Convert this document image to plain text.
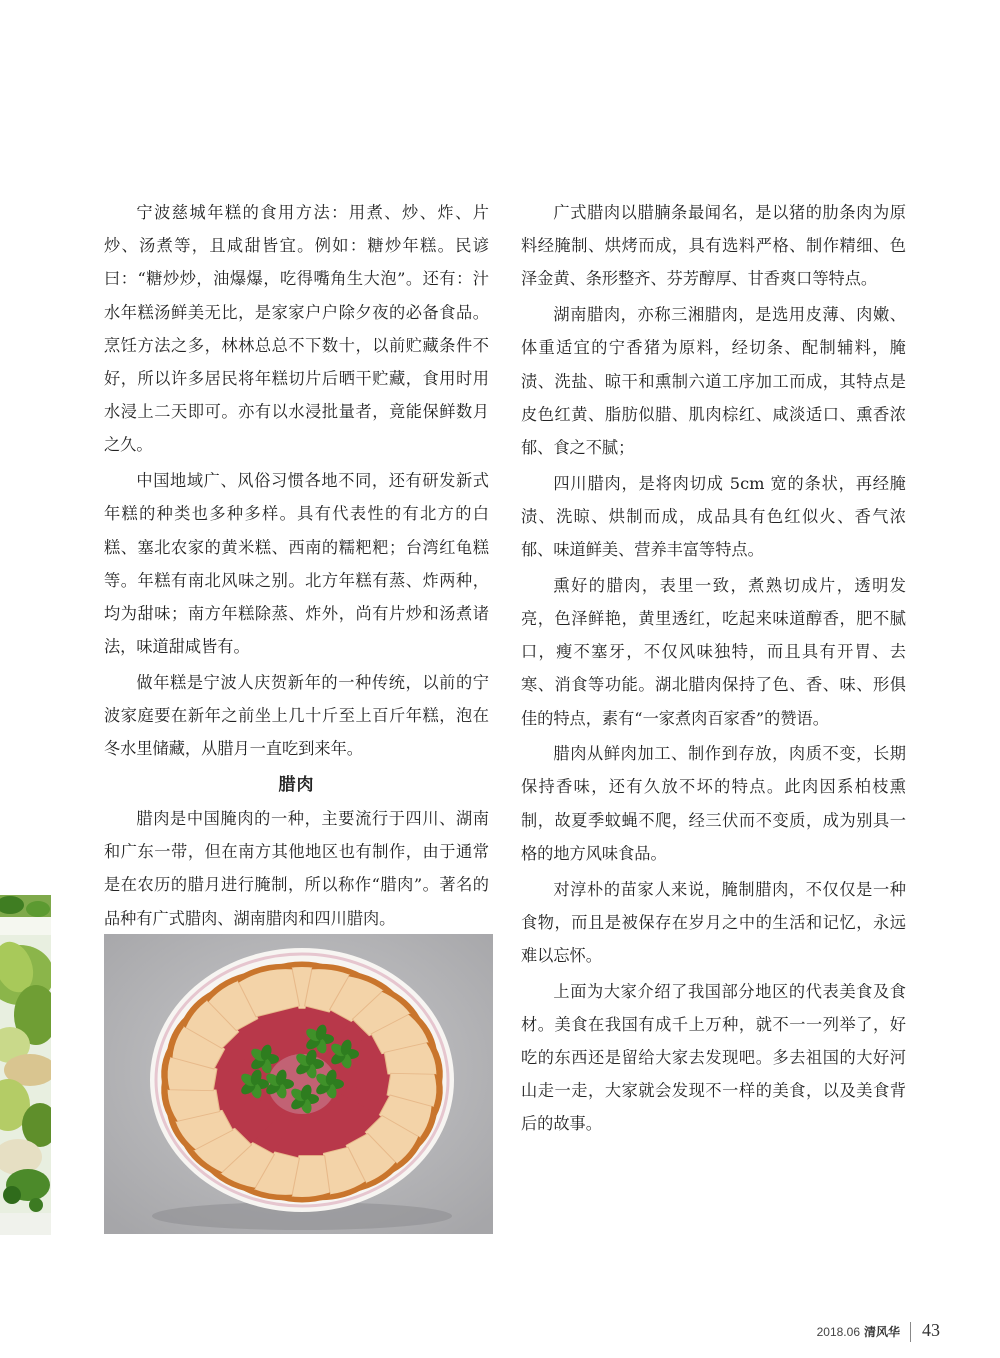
宁波慈城年糕的食用方法：用煮、炒、炸、片炒、汤煮等，且咸甜皆宜。例如：糖炒年糕。民谚曰：“糖炒炒，油爆爆，吃得嘴角生大泡”。还有：汁水年糕汤鲜美无比，是家家户户除夕夜的必备食品。烹饪方法之多，林林总总不下数十，以前贮藏条件不好，所以许多居民将年糕切片后晒干贮藏，食用时用水浸上二天即可。亦有以水浸批量者，竟能保鲜数月之久。

中国地域广、风俗习惯各地不同，还有研发新式年糕的种类也多种多样。具有代表性的有北方的白糕、塞北农家的黄米糕、西南的糯粑粑；台湾红龟糕等。年糕有南北风味之别。北方年糕有蒸、炸两种，均为甜味；南方年糕除蒸、炸外，尚有片炒和汤煮诸法，味道甜咸皆有。

做年糕是宁波人庆贺新年的一种传统，以前的宁波家庭要在新年之前坐上几十斤至上百斤年糕，泡在冬水里储藏，从腊月一直吃到来年。

腊肉

腊肉是中国腌肉的一种，主要流行于四川、湖南和广东一带，但在南方其他地区也有制作，由于通常是在农历的腊月进行腌制，所以称作“腊肉”。著名的品种有广式腊肉、湖南腊肉和四川腊肉。

广式腊肉以腊腩条最闻名，是以猪的肋条肉为原料经腌制、烘烤而成，具有选料严格、制作精细、色泽金黄、条形整齐、芬芳醇厚、甘香爽口等特点。

湖南腊肉，亦称三湘腊肉，是选用皮薄、肉嫩、体重适宜的宁香猪为原料，经切条、配制辅料，腌渍、洗盐、晾干和熏制六道工序加工而成，其特点是皮色红黄、脂肪似腊、肌肉棕红、咸淡适口、熏香浓郁、食之不腻；

四川腊肉，是将肉切成 5cm 宽的条状，再经腌渍、洗晾、烘制而成，成品具有色红似火、香气浓郁、味道鲜美、营养丰富等特点。

熏好的腊肉，表里一致，煮熟切成片，透明发亮，色泽鲜艳，黄里透红，吃起来味道醇香，肥不腻口，瘦不塞牙，不仅风味独特，而且具有开胃、去寒、消食等功能。湖北腊肉保持了色、香、味、形俱佳的特点，素有“一家煮肉百家香”的赞语。

腊肉从鲜肉加工、制作到存放，肉质不变，长期保持香味，还有久放不坏的特点。此肉因系柏枝熏制，故夏季蚊蝇不爬，经三伏而不变质，成为别具一格的地方风味食品。

对淳朴的苗家人来说，腌制腊肉，不仅仅是一种食物，而且是被保存在岁月之中的生活和记忆，永远难以忘怀。

上面为大家介绍了我国部分地区的代表美食及食材。美食在我国有成千上万种，就不一一列举了，好吃的东西还是留给大家去发现吧。多去祖国的大好河山走一走，大家就会发现不一样的美食，以及美食背后的故事。

2018.06 清风华 43
